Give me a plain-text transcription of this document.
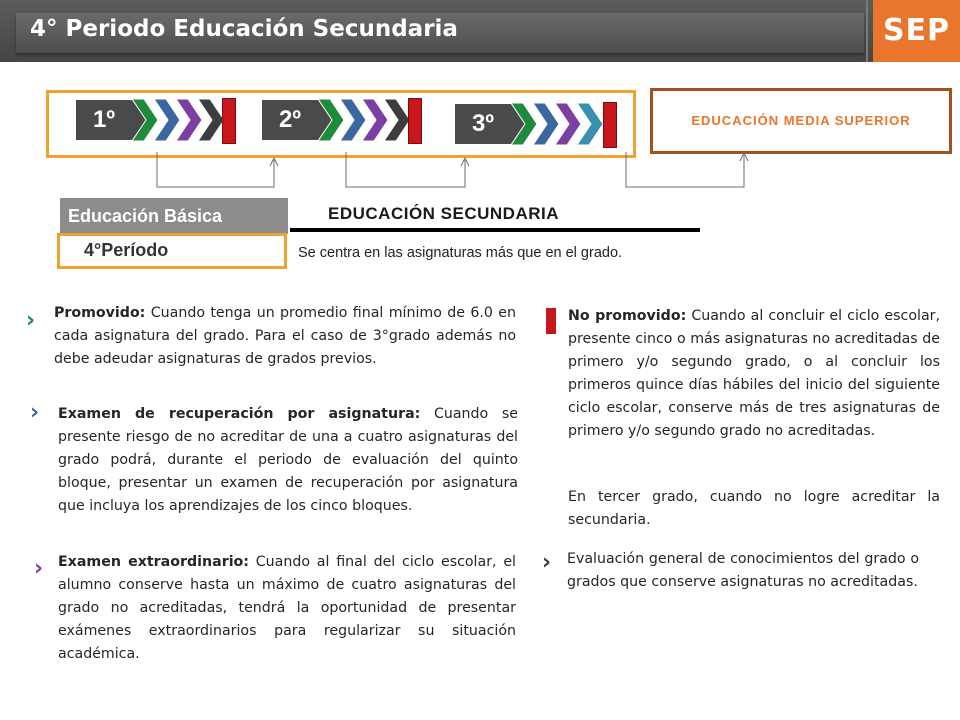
4° Periodo Educación Secundaria	SEP
1º	2º	3º	EDUCACIÓN MEDIA SUPERIOR
Educación Básica
4°Período
EDUCACIÓN SECUNDARIA
Se centra en las asignaturas más que en el grado.
› Promovido: Cuando tenga un promedio final mínimo de 6.0 en cada asignatura del grado. Para el caso de 3°grado además no debe adeudar asignaturas de grados previos.
› Examen de recuperación por asignatura: Cuando se presente riesgo de no acreditar de una a cuatro asignaturas del grado podrá, durante el periodo de evaluación del quinto bloque, presentar un examen de recuperación por asignatura que incluya los aprendizajes de los cinco bloques.
› Examen extraordinario: Cuando al final del ciclo escolar, el alumno conserve hasta un máximo de cuatro asignaturas del grado no acreditadas, tendrá la oportunidad de presentar exámenes extraordinarios para regularizar su situación académica.
No promovido: Cuando al concluir el ciclo escolar, presente cinco o más asignaturas no acreditadas de primero y/o segundo grado, o al concluir los primeros quince días hábiles del inicio del siguiente ciclo escolar, conserve más de tres asignaturas de primero y/o segundo grado no acreditadas.
En tercer grado, cuando no logre acreditar la secundaria.
› Evaluación general de conocimientos del grado o grados que conserve asignaturas no acreditadas.
